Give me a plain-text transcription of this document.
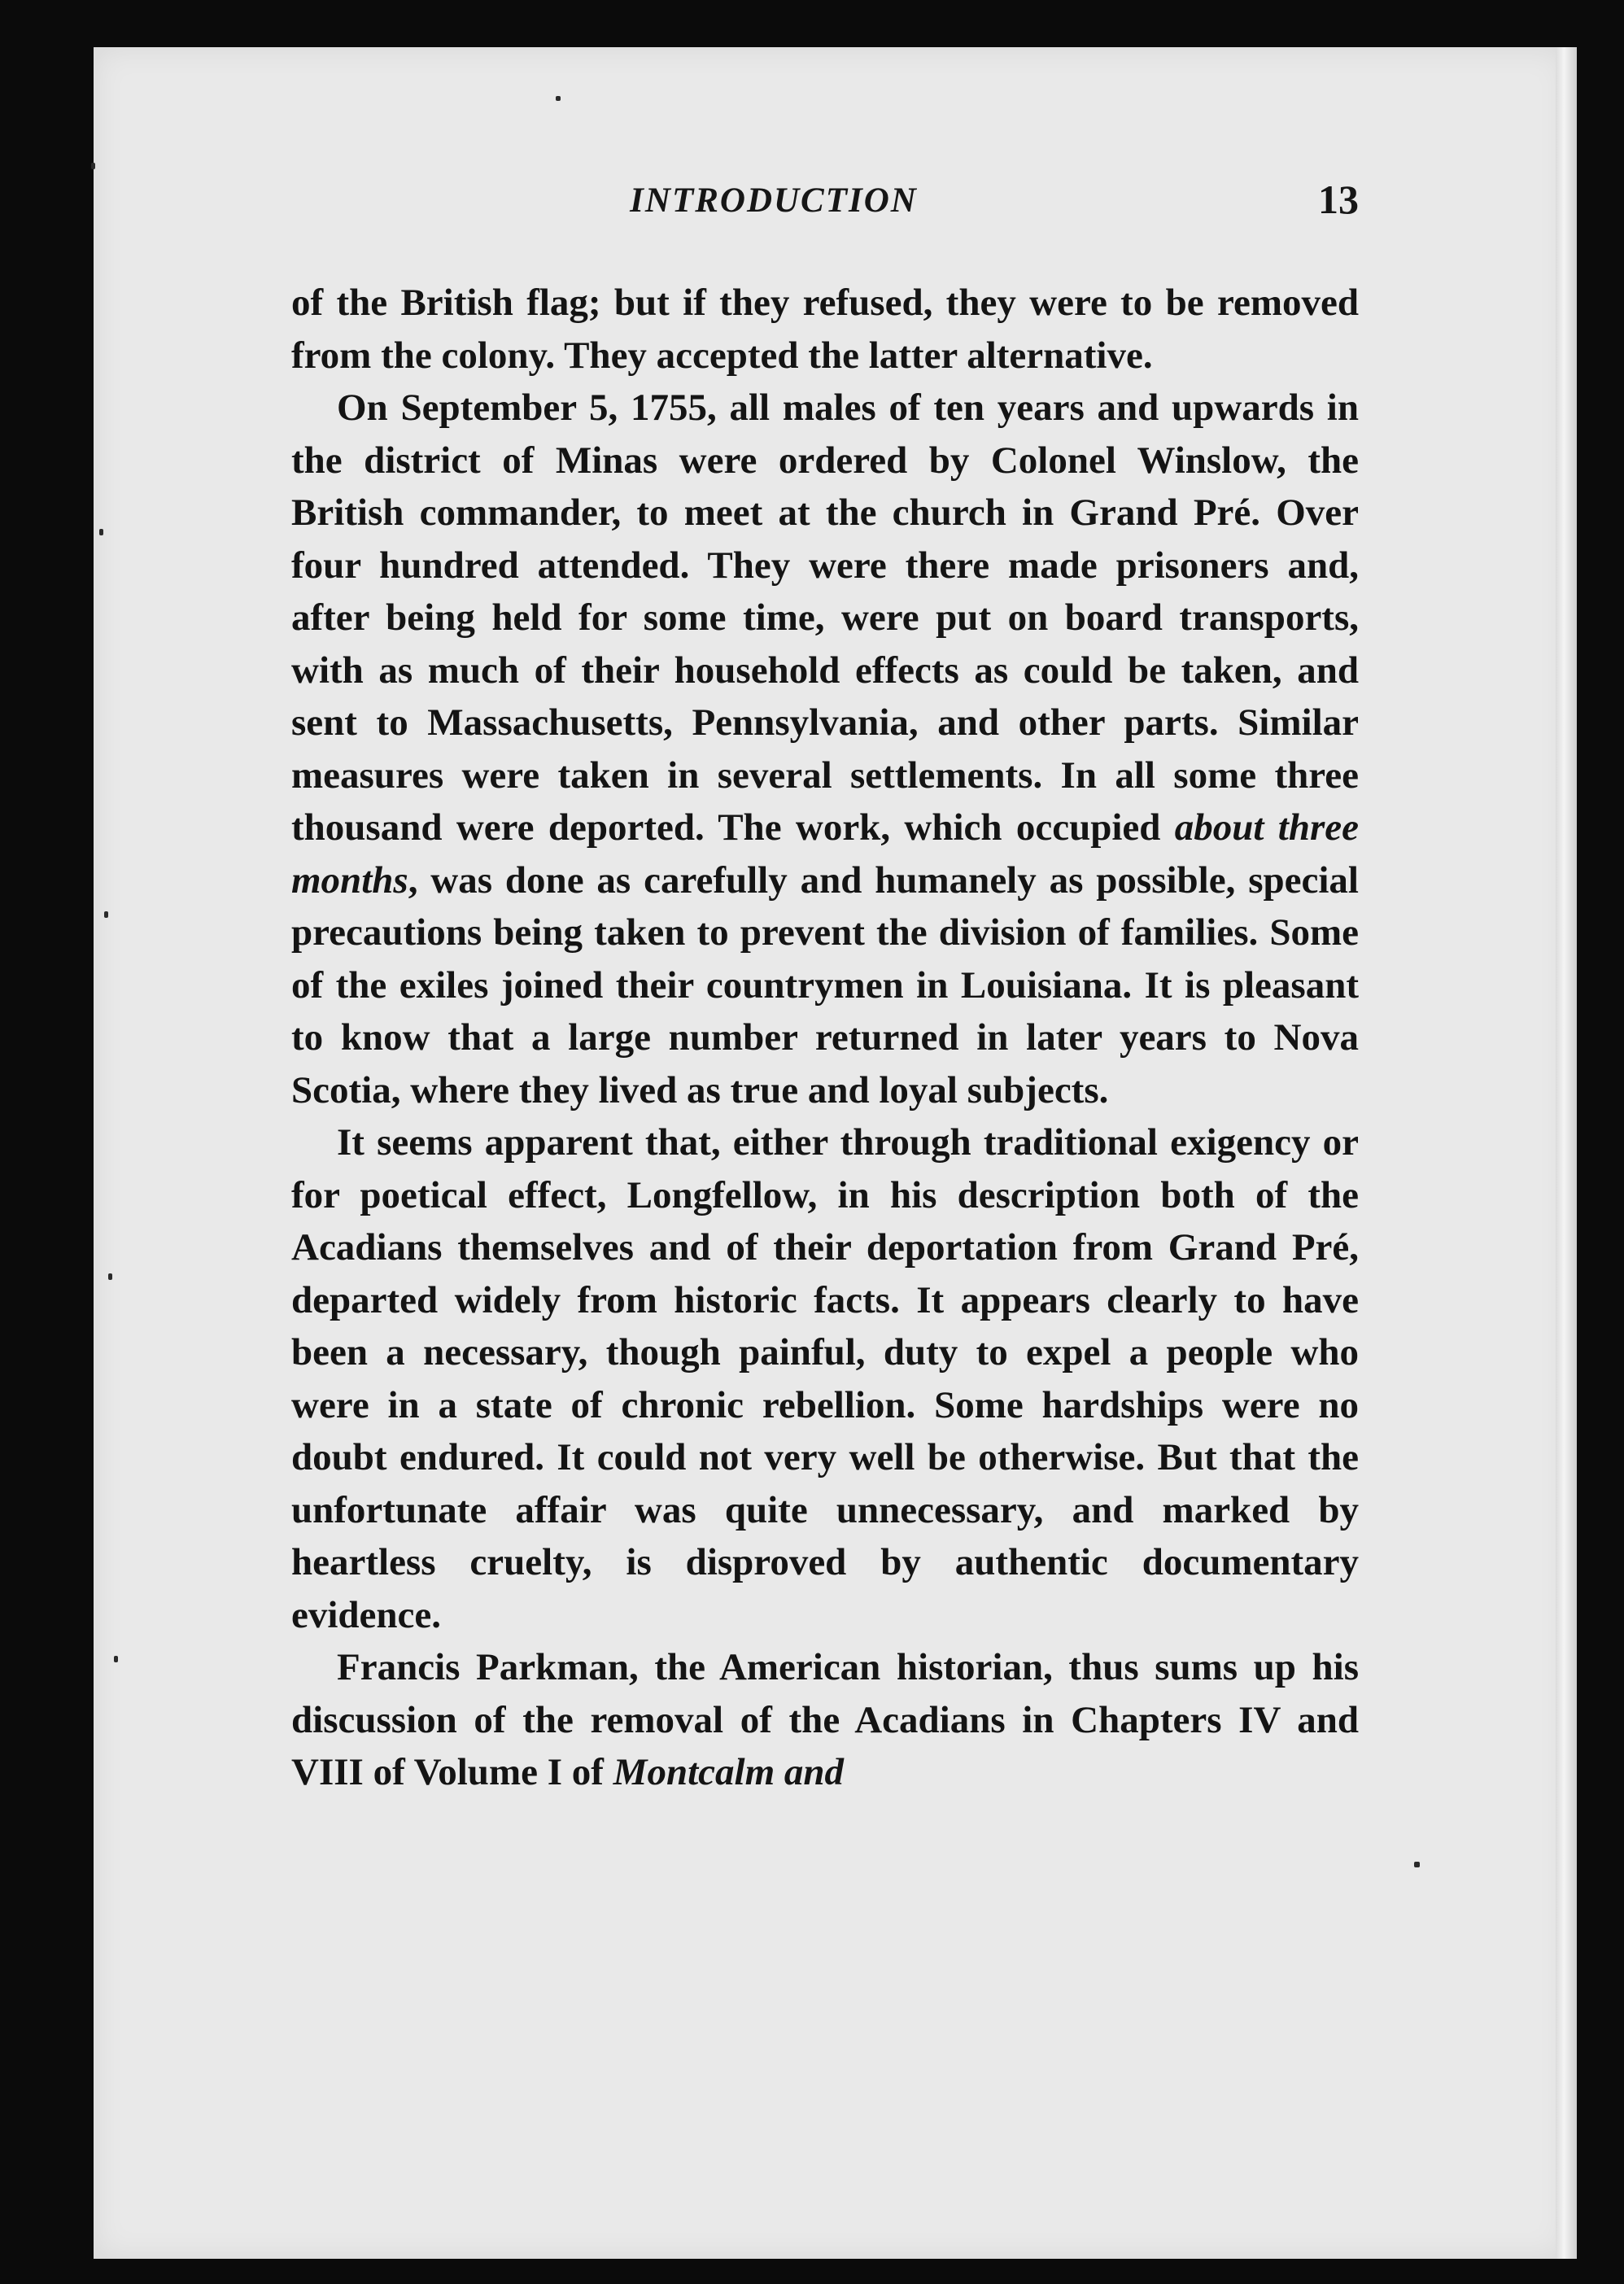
INTRODUCTION	13

of the British flag; but if they refused, they were to be removed from the colony. They accepted the latter alternative.

On September 5, 1755, all males of ten years and upwards in the district of Minas were ordered by Colonel Winslow, the British commander, to meet at the church in Grand Pré. Over four hundred attended. They were there made prisoners and, after being held for some time, were put on board transports, with as much of their household effects as could be taken, and sent to Massachusetts, Pennsylvania, and other parts. Similar measures were taken in several settlements. In all some three thousand were deported. The work, which occupied about three months, was done as carefully and humanely as possible, special precautions being taken to prevent the division of families. Some of the exiles joined their countrymen in Louisiana. It is pleasant to know that a large number returned in later years to Nova Scotia, where they lived as true and loyal subjects.

It seems apparent that, either through traditional exigency or for poetical effect, Longfellow, in his description both of the Acadians themselves and of their deportation from Grand Pré, departed widely from historic facts. It appears clearly to have been a necessary, though painful, duty to expel a people who were in a state of chronic rebellion. Some hardships were no doubt endured. It could not very well be otherwise. But that the unfortunate affair was quite unnecessary, and marked by heartless cruelty, is disproved by authentic documentary evidence.

Francis Parkman, the American historian, thus sums up his discussion of the removal of the Acadians in Chapters IV and VIII of Volume I of Montcalm and
